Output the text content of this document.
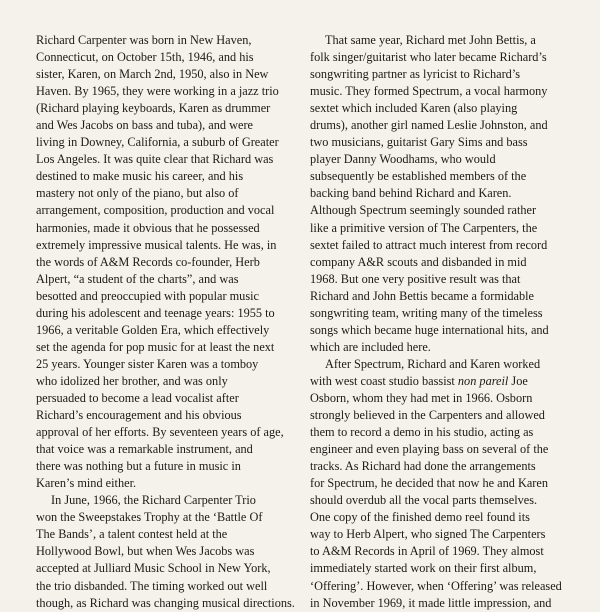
Richard Carpenter was born in New Haven,
Connecticut, on October 15th, 1946, and his
sister, Karen, on March 2nd, 1950, also in New
Haven. By 1965, they were working in a jazz trio
(Richard playing keyboards, Karen as drummer
and Wes Jacobs on bass and tuba), and were
living in Downey, California, a suburb of Greater
Los Angeles. It was quite clear that Richard was
destined to make music his career, and his
mastery not only of the piano, but also of
arrangement, composition, production and vocal
harmonies, made it obvious that he possessed
extremely impressive musical talents. He was, in
the words of A&M Records co-founder, Herb
Alpert, “a student of the charts”, and was
besotted and preoccupied with popular music
during his adolescent and teenage years: 1955 to
1966, a veritable Golden Era, which effectively
set the agenda for pop music for at least the next
25 years. Younger sister Karen was a tomboy
who idolized her brother, and was only
persuaded to become a lead vocalist after
Richard’s encouragement and his obvious
approval of her efforts. By seventeen years of age,
that voice was a remarkable instrument, and
there was nothing but a future in music in
Karen’s mind either.
In June, 1966, the Richard Carpenter Trio
won the Sweepstakes Trophy at the ‘Battle Of
The Bands’, a talent contest held at the
Hollywood Bowl, but when Wes Jacobs was
accepted at Julliard Music School in New York,
the trio disbanded. The timing worked out well
though, as Richard was changing musical directions.
That same year, Richard met John Bettis, a
folk singer/guitarist who later became Richard’s
songwriting partner as lyricist to Richard’s
music. They formed Spectrum, a vocal harmony
sextet which included Karen (also playing
drums), another girl named Leslie Johnston, and
two musicians, guitarist Gary Sims and bass
player Danny Woodhams, who would
subsequently be established members of the
backing band behind Richard and Karen.
Although Spectrum seemingly sounded rather
like a primitive version of The Carpenters, the
sextet failed to attract much interest from record
company A&R scouts and disbanded in mid
1968. But one very positive result was that
Richard and John Bettis became a formidable
songwriting team, writing many of the timeless
songs which became huge international hits, and
which are included here.
After Spectrum, Richard and Karen worked
with west coast studio bassist non pareil Joe
Osborn, whom they had met in 1966. Osborn
strongly believed in the Carpenters and allowed
them to record a demo in his studio, acting as
engineer and even playing bass on several of the
tracks. As Richard had done the arrangements
for Spectrum, he decided that now he and Karen
should overdub all the vocal parts themselves.
One copy of the finished demo reel found its
way to Herb Alpert, who signed The Carpenters
to A&M Records in April of 1969. They almost
immediately started work on their first album,
‘Offering’. However, when ‘Offering’ was released
in November 1969, it made little impression, and
